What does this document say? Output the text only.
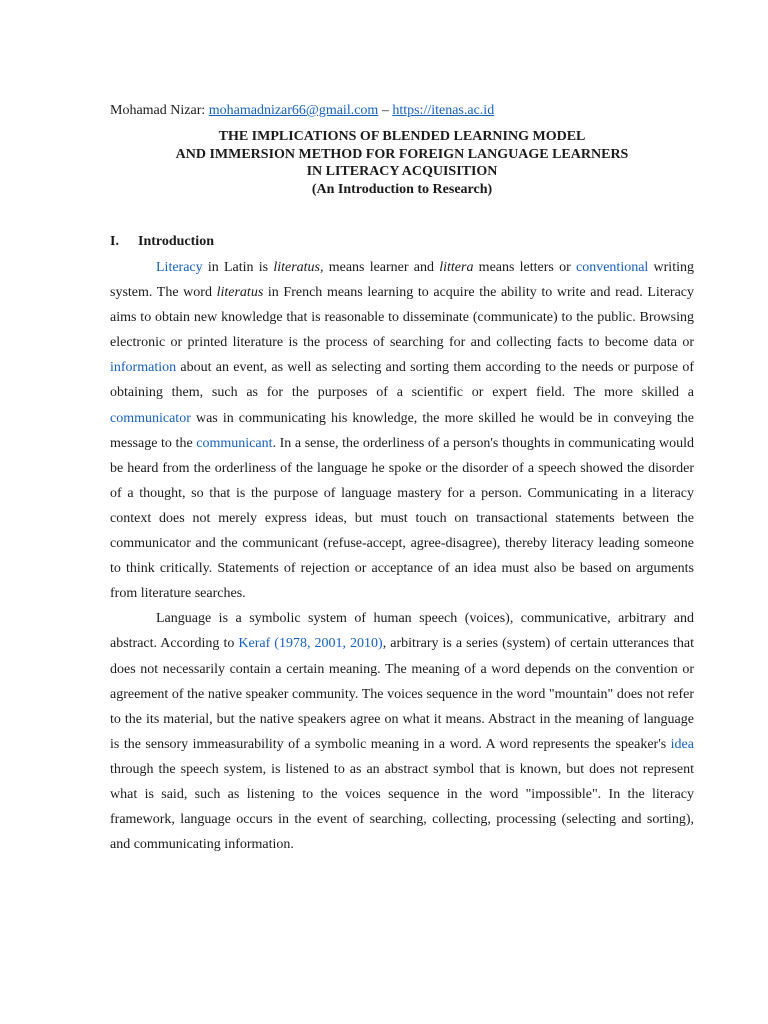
Mohamad Nizar: mohamadnizar66@gmail.com – https://itenas.ac.id

THE IMPLICATIONS OF BLENDED LEARNING MODEL
AND IMMERSION METHOD FOR FOREIGN LANGUAGE LEARNERS
IN LITERACY ACQUISITION
(An Introduction to Research)
I. Introduction

Literacy in Latin is literatus, means learner and littera means letters or conventional writing system. The word literatus in French means learning to acquire the ability to write and read. Literacy aims to obtain new knowledge that is reasonable to disseminate (communicate) to the public. Browsing electronic or printed literature is the process of searching for and collecting facts to become data or information about an event, as well as selecting and sorting them according to the needs or purpose of obtaining them, such as for the purposes of a scientific or expert field. The more skilled a communicator was in communicating his knowledge, the more skilled he would be in conveying the message to the communicant. In a sense, the orderliness of a person's thoughts in communicating would be heard from the orderliness of the language he spoke or the disorder of a speech showed the disorder of a thought, so that is the purpose of language mastery for a person. Communicating in a literacy context does not merely express ideas, but must touch on transactional statements between the communicator and the communicant (refuse-accept, agree-disagree), thereby literacy leading someone to think critically. Statements of rejection or acceptance of an idea must also be based on arguments from literature searches.

Language is a symbolic system of human speech (voices), communicative, arbitrary and abstract. According to Keraf (1978, 2001, 2010), arbitrary is a series (system) of certain utterances that does not necessarily contain a certain meaning. The meaning of a word depends on the convention or agreement of the native speaker community. The voices sequence in the word "mountain" does not refer to the its material, but the native speakers agree on what it means. Abstract in the meaning of language is the sensory immeasurability of a symbolic meaning in a word. A word represents the speaker's idea through the speech system, is listened to as an abstract symbol that is known, but does not represent what is said, such as listening to the voices sequence in the word "impossible". In the literacy framework, language occurs in the event of searching, collecting, processing (selecting and sorting), and communicating information.
